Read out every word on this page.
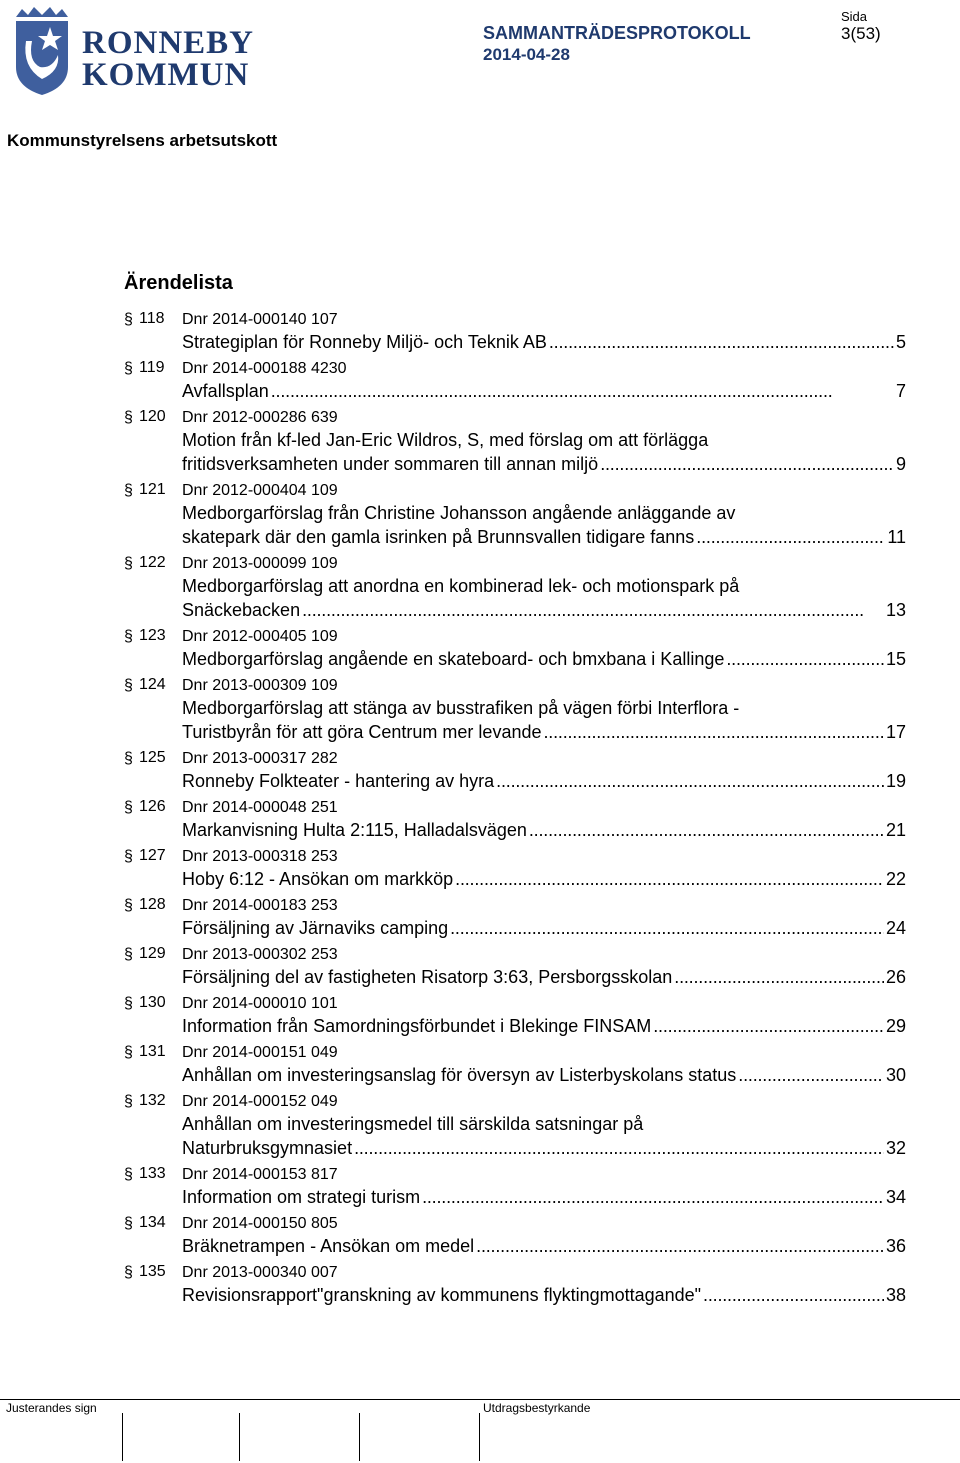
RONNEBY
KOMMUN
SAMMANTRÄDESPROTOKOLL
2014-04-28
Sida
3(53)
Kommunstyrelsens arbetsutskott
Ärendelista
§ 118 Dnr 2014-000140 107
Strategiplan för Ronneby Miljö- och Teknik AB . . .	5
§ 119 Dnr 2014-000188 4230
Avfallsplan . . .	7
§ 120 Dnr 2012-000286 639
Motion från kf-led Jan-Eric Wildros, S, med förslag om att förlägga
fritidsverksamheten under sommaren till annan miljö . . .	9
§ 121 Dnr 2012-000404 109
Medborgarförslag från Christine Johansson angående anläggande av
skatepark där den gamla isrinken på Brunnsvallen tidigare fanns . . .	11
§ 122 Dnr 2013-000099 109
Medborgarförslag att anordna en kombinerad lek- och motionspark på
Snäckebacken . . .	13
§ 123 Dnr 2012-000405 109
Medborgarförslag angående en skateboard- och bmxbana i Kallinge . . .	15
§ 124 Dnr 2013-000309 109
Medborgarförslag att stänga av busstrafiken på vägen förbi Interflora -
Turistbyrån för att göra Centrum mer levande . . .	17
§ 125 Dnr 2013-000317 282
Ronneby Folkteater - hantering av hyra . . .	19
§ 126 Dnr 2014-000048 251
Markanvisning Hulta 2:115, Halladalsvägen . . .	21
§ 127 Dnr 2013-000318 253
Hoby 6:12 - Ansökan om markköp . . .	22
§ 128 Dnr 2014-000183 253
Försäljning av Järnaviks camping . . .	24
§ 129 Dnr 2013-000302 253
Försäljning del av fastigheten Risatorp 3:63, Persborgsskolan . . .	26
§ 130 Dnr 2014-000010 101
Information från Samordningsförbundet i Blekinge FINSAM . . .	29
§ 131 Dnr 2014-000151 049
Anhållan om investeringsanslag för översyn av Listerbyskolans status . . .	30
§ 132 Dnr 2014-000152 049
Anhållan om investeringsmedel till särskilda satsningar på
Naturbruksgymnasiet . . .	32
§ 133 Dnr 2014-000153 817
Information om strategi turism . . .	34
§ 134 Dnr 2014-000150 805
Bräknetrampen - Ansökan om medel . . .	36
§ 135 Dnr 2013-000340 007
Revisionsrapport"granskning av kommunens flyktingmottagande" . . .	38
Justerandes sign	Utdragsbestyrkande
